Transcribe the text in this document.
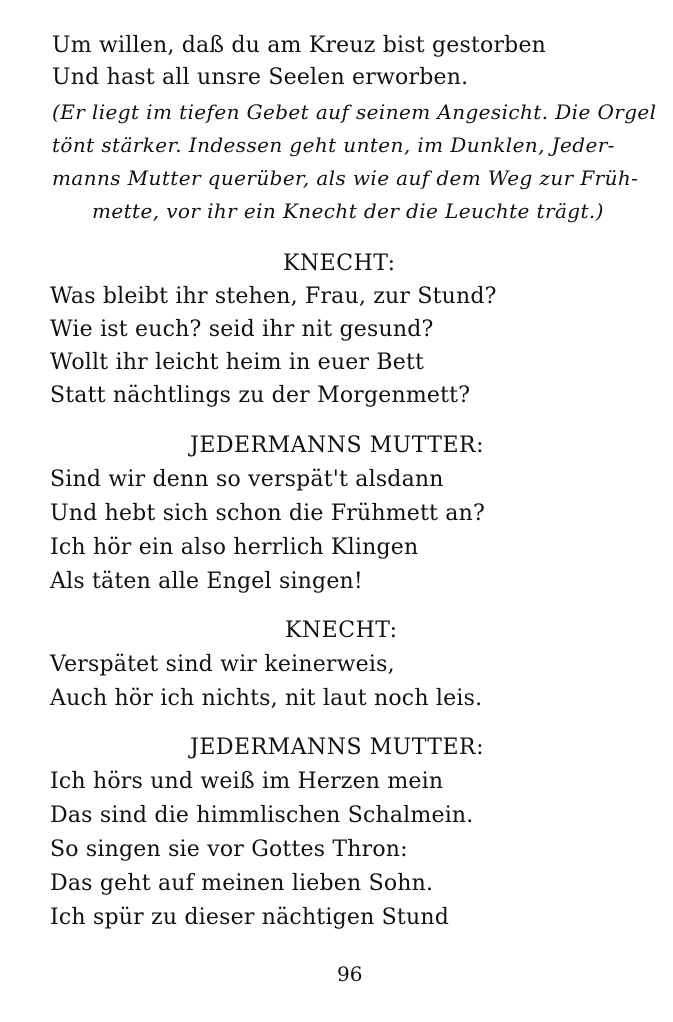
Um willen, daß du am Kreuz bist gestorben
Und hast all unsre Seelen erworben.
(Er liegt im tiefen Gebet auf seinem Angesicht. Die Orgel
tönt stärker. Indessen geht unten, im Dunklen, Jeder-
manns Mutter querüber, als wie auf dem Weg zur Früh-
mette, vor ihr ein Knecht der die Leuchte trägt.)
KNECHT:
Was bleibt ihr stehen, Frau, zur Stund?
Wie ist euch? seid ihr nit gesund?
Wollt ihr leicht heim in euer Bett
Statt nächtlings zu der Morgenmett?
JEDERMANNS MUTTER:
Sind wir denn so verspät't alsdann
Und hebt sich schon die Frühmett an?
Ich hör ein also herrlich Klingen
Als täten alle Engel singen!
KNECHT:
Verspätet sind wir keinerweis,
Auch hör ich nichts, nit laut noch leis.
JEDERMANNS MUTTER:
Ich hörs und weiß im Herzen mein
Das sind die himmlischen Schalmein.
So singen sie vor Gottes Thron:
Das geht auf meinen lieben Sohn.
Ich spür zu dieser nächtigen Stund
96
